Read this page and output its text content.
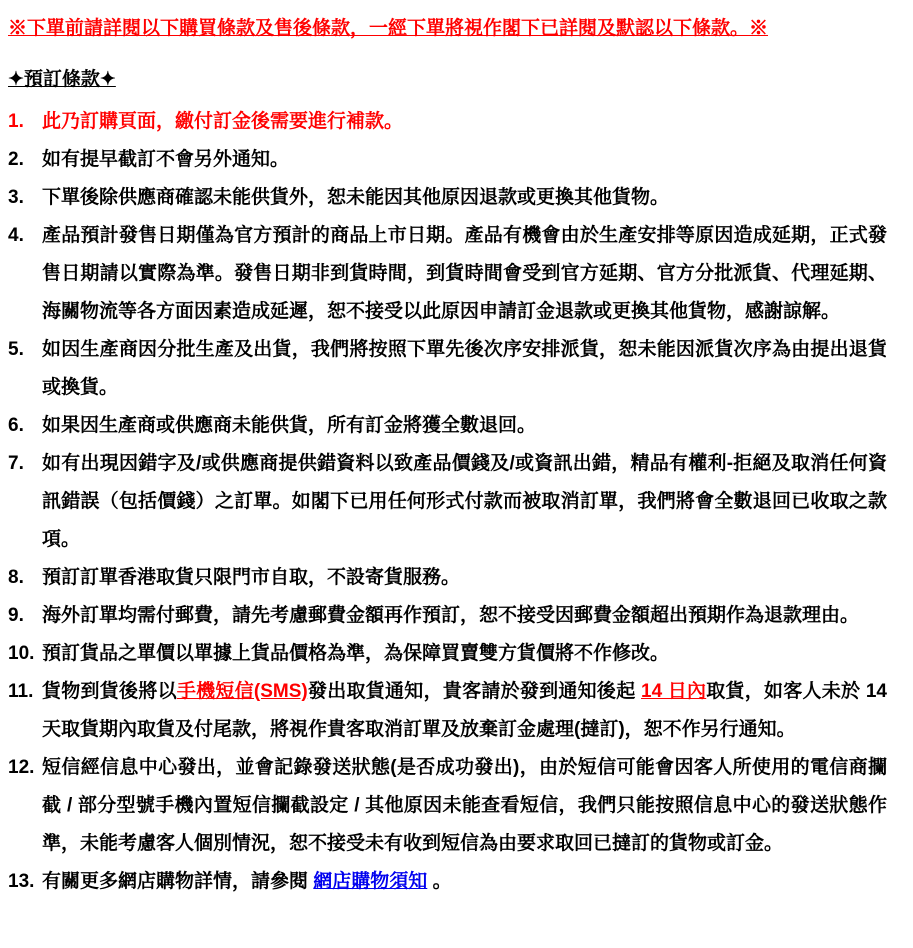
※下單前請詳閱以下購買條款及售後條款，一經下單將視作閣下已詳閱及默認以下條款。※
✦預訂條款✦
1. 此乃訂購頁面，繳付訂金後需要進行補款。
2. 如有提早截訂不會另外通知。
3. 下單後除供應商確認未能供貨外，恕未能因其他原因退款或更換其他貨物。
4. 產品預計發售日期僅為官方預計的商品上市日期。產品有機會由於生產安排等原因造成延期，正式發售日期請以實際為準。發售日期非到貨時間，到貨時間會受到官方延期、官方分批派貨、代理延期、海關物流等各方面因素造成延遲，恕不接受以此原因申請訂金退款或更換其他貨物，感謝諒解。
5. 如因生產商因分批生產及出貨，我們將按照下單先後次序安排派貨，恕未能因派貨次序為由提出退貨或換貨。
6. 如果因生產商或供應商未能供貨，所有訂金將獲全數退回。
7. 如有出現因錯字及/或供應商提供錯資料以致產品價錢及/或資訊出錯，精品有權利-拒絕及取消任何資訊錯誤（包括價錢）之訂單。如閣下已用任何形式付款而被取消訂單，我們將會全數退回已收取之款項。
8. 預訂訂單香港取貨只限門市自取，不設寄貨服務。
9. 海外訂單均需付郵費，請先考慮郵費金額再作預訂，恕不接受因郵費金額超出預期作為退款理由。
10. 預訂貨品之單價以單據上貨品價格為準，為保障買賣雙方貨價將不作修改。
11. 貨物到貨後將以手機短信(SMS)發出取貨通知，貴客請於發到通知後起 14 日內取貨，如客人未於 14 天取貨期內取貨及付尾款，將視作貴客取消訂單及放棄訂金處理(撻訂)，恕不作另行通知。
12. 短信經信息中心發出，並會記錄發送狀態(是否成功發出)，由於短信可能會因客人所使用的電信商攔截 / 部分型號手機內置短信攔截設定 / 其他原因未能查看短信，我們只能按照信息中心的發送狀態作準，未能考慮客人個別情況，恕不接受未有收到短信為由要求取回已撻訂的貨物或訂金。
13. 有關更多網店購物詳情，請參閱 網店購物須知 。
